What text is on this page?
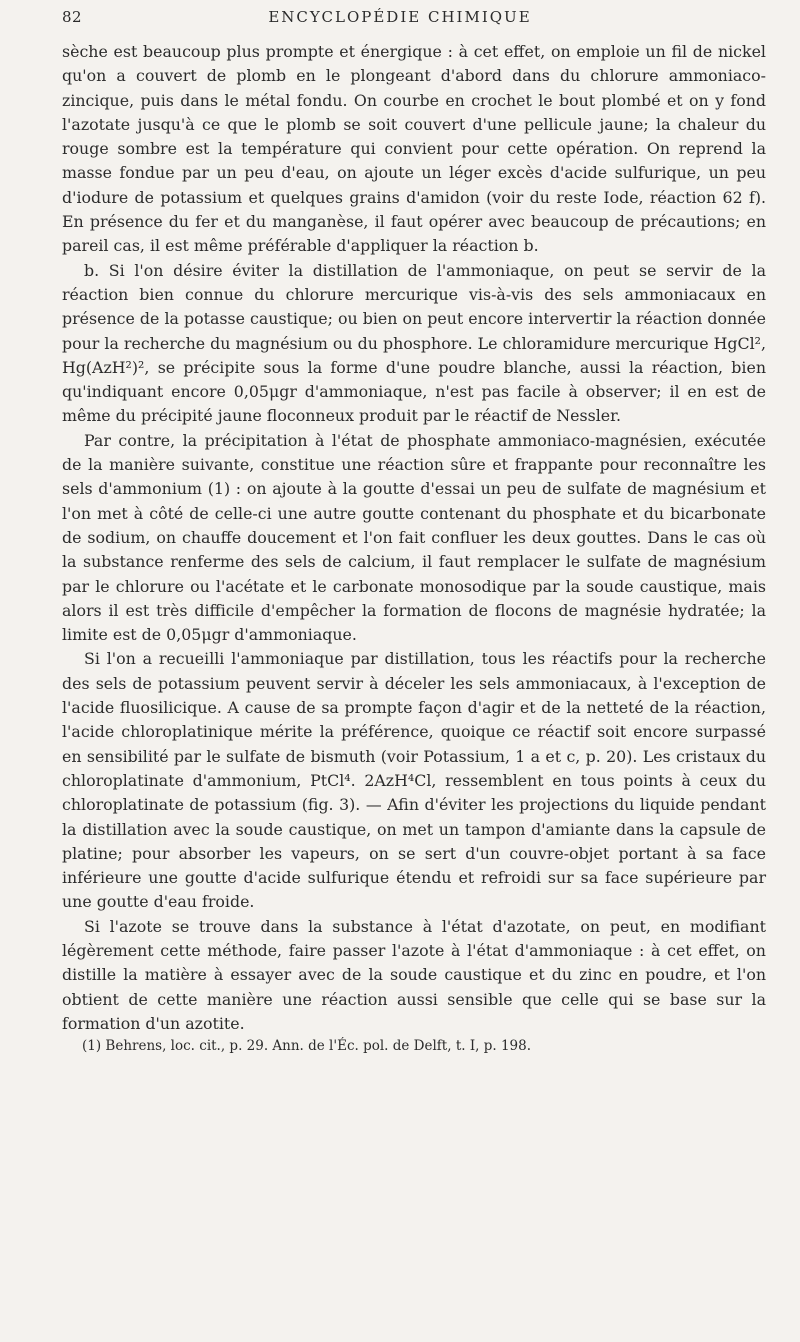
82	ENCYCLOPÉDIE CHIMIQUE

sèche est beaucoup plus prompte et énergique : à cet effet, on emploie un fil de nickel qu'on a couvert de plomb en le plongeant d'abord dans du chlorure ammoniaco-zincique, puis dans le métal fondu. On courbe en crochet le bout plombé et on y fond l'azotate jusqu'à ce que le plomb se soit couvert d'une pellicule jaune; la chaleur du rouge sombre est la température qui convient pour cette opération. On reprend la masse fondue par un peu d'eau, on ajoute un léger excès d'acide sulfurique, un peu d'iodure de potassium et quelques grains d'amidon (voir du reste Iode, réaction 62 f). En présence du fer et du manganèse, il faut opérer avec beaucoup de précautions; en pareil cas, il est même préférable d'appliquer la réaction b.

b. Si l'on désire éviter la distillation de l'ammoniaque, on peut se servir de la réaction bien connue du chlorure mercurique vis-à-vis des sels ammoniacaux en présence de la potasse caustique; ou bien on peut encore intervertir la réaction donnée pour la recherche du magnésium ou du phosphore. Le chloramidure mercurique HgCl², Hg(AzH²)², se précipite sous la forme d'une poudre blanche, aussi la réaction, bien qu'indiquant encore 0,05μgr d'ammoniaque, n'est pas facile à observer; il en est de même du précipité jaune floconneux produit par le réactif de Nessler.

Par contre, la précipitation à l'état de phosphate ammoniaco-magnésien, exécutée de la manière suivante, constitue une réaction sûre et frappante pour reconnaître les sels d'ammonium (1) : on ajoute à la goutte d'essai un peu de sulfate de magnésium et l'on met à côté de celle-ci une autre goutte contenant du phosphate et du bicarbonate de sodium, on chauffe doucement et l'on fait confluer les deux gouttes. Dans le cas où la substance renferme des sels de calcium, il faut remplacer le sulfate de magnésium par le chlorure ou l'acétate et le carbonate monosodique par la soude caustique, mais alors il est très difficile d'empêcher la formation de flocons de magnésie hydratée; la limite est de 0,05μgr d'ammoniaque.

Si l'on a recueilli l'ammoniaque par distillation, tous les réactifs pour la recherche des sels de potassium peuvent servir à déceler les sels ammoniacaux, à l'exception de l'acide fluosilicique. A cause de sa prompte façon d'agir et de la netteté de la réaction, l'acide chloroplatinique mérite la préférence, quoique ce réactif soit encore surpassé en sensibilité par le sulfate de bismuth (voir Potassium, 1 a et c, p. 20). Les cristaux du chloroplatinate d'ammonium, PtCl⁴. 2AzH⁴Cl, ressemblent en tous points à ceux du chloroplatinate de potassium (fig. 3). — Afin d'éviter les projections du liquide pendant la distillation avec la soude caustique, on met un tampon d'amiante dans la capsule de platine; pour absorber les vapeurs, on se sert d'un couvre-objet portant à sa face inférieure une goutte d'acide sulfurique étendu et refroidi sur sa face supérieure par une goutte d'eau froide.

Si l'azote se trouve dans la substance à l'état d'azotate, on peut, en modifiant légèrement cette méthode, faire passer l'azote à l'état d'ammoniaque : à cet effet, on distille la matière à essayer avec de la soude caustique et du zinc en poudre, et l'on obtient de cette manière une réaction aussi sensible que celle qui se base sur la formation d'un azotite.

(1) Behrens, loc. cit., p. 29. Ann. de l'Éc. pol. de Delft, t. I, p. 198.
